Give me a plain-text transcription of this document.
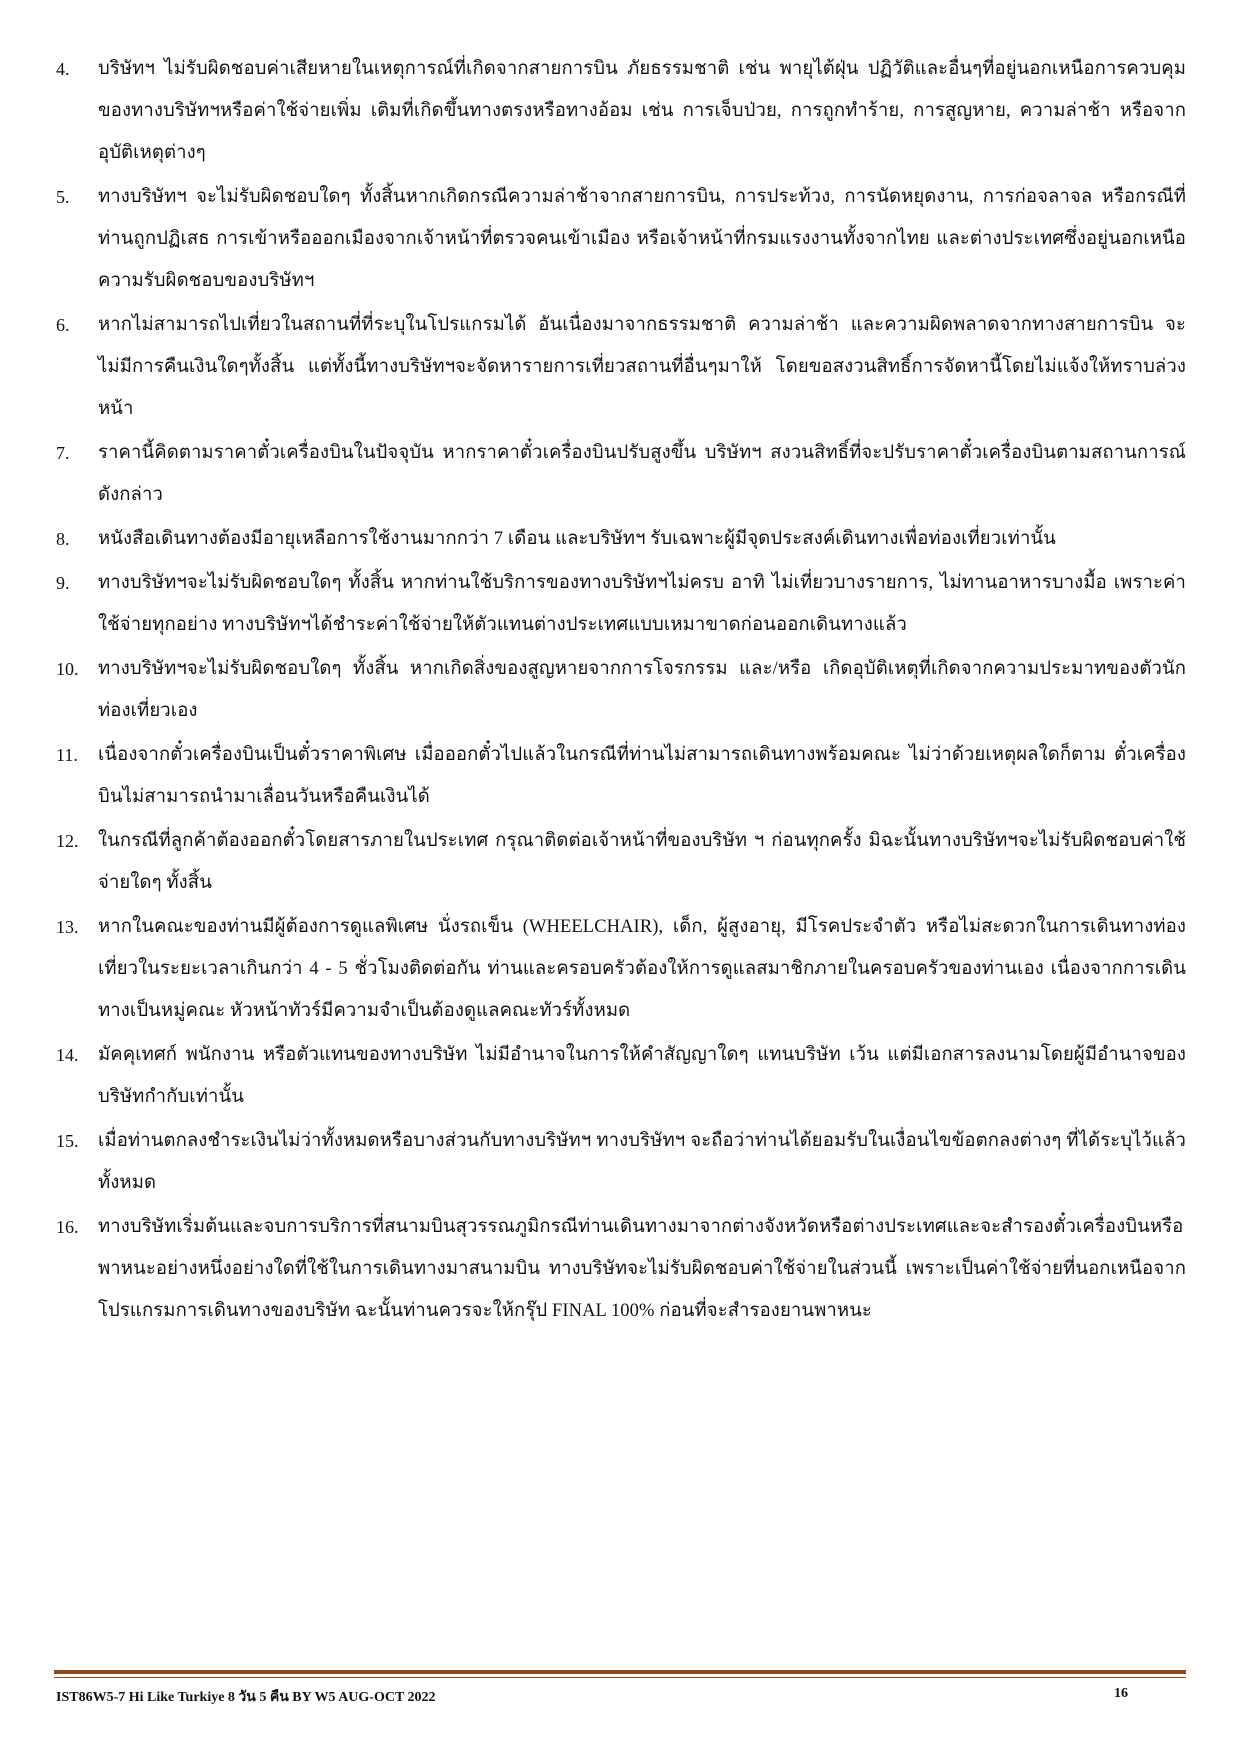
4.	บริษัทฯ ไม่รับผิดชอบค่าเสียหายในเหตุการณ์ที่เกิดจากสายการบิน ภัยธรรมชาติ เช่น พายุไต้ฝุ่น ปฏิวัติและอื่นๆที่อยู่นอกเหนือการควบคุมของทางบริษัทฯหรือค่าใช้จ่ายเพิ่ม เติมที่เกิดขึ้นทางตรงหรือทางอ้อม เช่น การเจ็บป่วย, การถูกทำร้าย, การสูญหาย, ความล่าช้า หรือจากอุบัติเหตุต่างๆ
5.	ทางบริษัทฯ จะไม่รับผิดชอบใดๆ ทั้งสิ้นหากเกิดกรณีความล่าช้าจากสายการบิน, การประท้วง, การนัดหยุดงาน, การก่อจลาจล หรือกรณีที่ท่านถูกปฏิเสธ การเข้าหรือออกเมืองจากเจ้าหน้าที่ตรวจคนเข้าเมือง หรือเจ้าหน้าที่กรมแรงงานทั้งจากไทย และต่างประเทศซึ่งอยู่นอกเหนือความรับผิดชอบของบริษัทฯ
6.	หากไม่สามารถไปเที่ยวในสถานที่ที่ระบุในโปรแกรมได้ อันเนื่องมาจากธรรมชาติ ความล่าช้า และความผิดพลาดจากทางสายการบิน จะไม่มีการคืนเงินใดๆทั้งสิ้น แต่ทั้งนี้ทางบริษัทฯจะจัดหารายการเที่ยวสถานที่อื่นๆมาให้ โดยขอสงวนสิทธิ์การจัดหานี้โดยไม่แจ้งให้ทราบล่วงหน้า
7.	ราคานี้คิดตามราคาตั๋วเครื่องบินในปัจจุบัน หากราคาตั๋วเครื่องบินปรับสูงขึ้น บริษัทฯ สงวนสิทธิ์ที่จะปรับราคาตั๋วเครื่องบินตามสถานการณ์ดังกล่าว
8.	หนังสือเดินทางต้องมีอายุเหลือการใช้งานมากกว่า 7 เดือน และบริษัทฯ รับเฉพาะผู้มีจุดประสงค์เดินทางเพื่อท่องเที่ยวเท่านั้น
9.	ทางบริษัทฯจะไม่รับผิดชอบใดๆ ทั้งสิ้น หากท่านใช้บริการของทางบริษัทฯไม่ครบ อาทิ ไม่เที่ยวบางรายการ, ไม่ทานอาหารบางมื้อ เพราะค่าใช้จ่ายทุกอย่าง ทางบริษัทฯได้ชำระค่าใช้จ่ายให้ตัวแทนต่างประเทศแบบเหมาขาดก่อนออกเดินทางแล้ว
10.	ทางบริษัทฯจะไม่รับผิดชอบใดๆ ทั้งสิ้น หากเกิดสิ่งของสูญหายจากการโจรกรรม และ/หรือ เกิดอุบัติเหตุที่เกิดจากความประมาทของตัวนักท่องเที่ยวเอง
11.	เนื่องจากตั๋วเครื่องบินเป็นตั๋วราคาพิเศษ เมื่อออกตั๋วไปแล้วในกรณีที่ท่านไม่สามารถเดินทางพร้อมคณะ ไม่ว่าด้วยเหตุผลใดก็ตาม ตั๋วเครื่องบินไม่สามารถนำมาเลื่อนวันหรือคืนเงินได้
12.	ในกรณีที่ลูกค้าต้องออกตั๋วโดยสารภายในประเทศ กรุณาติดต่อเจ้าหน้าที่ของบริษัท ฯ ก่อนทุกครั้ง มิฉะนั้นทางบริษัทฯจะไม่รับผิดชอบค่าใช้จ่ายใดๆ ทั้งสิ้น
13.	หากในคณะของท่านมีผู้ต้องการดูแลพิเศษ นั่งรถเข็น (WHEELCHAIR), เด็ก, ผู้สูงอายุ, มีโรคประจำตัว หรือไม่สะดวกในการเดินทางท่องเที่ยวในระยะเวลาเกินกว่า 4 - 5 ชั่วโมงติดต่อกัน ท่านและครอบครัวต้องให้การดูแลสมาชิกภายในครอบครัวของท่านเอง เนื่องจากการเดินทางเป็นหมู่คณะ หัวหน้าทัวร์มีความจำเป็นต้องดูแลคณะทัวร์ทั้งหมด
14.	มัคคุเทศก์ พนักงาน หรือตัวแทนของทางบริษัท ไม่มีอำนาจในการให้คำสัญญาใดๆ แทนบริษัท เว้น แต่มีเอกสารลงนามโดยผู้มีอำนาจของบริษัทกำกับเท่านั้น
15.	เมื่อท่านตกลงชำระเงินไม่ว่าทั้งหมดหรือบางส่วนกับทางบริษัทฯ ทางบริษัทฯ จะถือว่าท่านได้ยอมรับในเงื่อนไขข้อตกลงต่างๆ ที่ได้ระบุไว้แล้วทั้งหมด
16.	ทางบริษัทเริ่มต้นและจบการบริการที่สนามบินสุวรรณภูมิกรณีท่านเดินทางมาจากต่างจังหวัดหรือต่างประเทศและจะสำรองตั๋วเครื่องบินหรือพาหนะอย่างหนึ่งอย่างใดที่ใช้ในการเดินทางมาสนามบิน ทางบริษัทจะไม่รับผิดชอบค่าใช้จ่ายในส่วนนี้ เพราะเป็นค่าใช้จ่ายที่นอกเหนือจากโปรแกรมการเดินทางของบริษัท ฉะนั้นท่านควรจะให้กรุ๊ป FINAL 100% ก่อนที่จะสำรองยานพาหนะ
IST86W5-7 Hi Like Turkiye 8 วัน 5 คืน BY W5 AUG-OCT 2022	16
